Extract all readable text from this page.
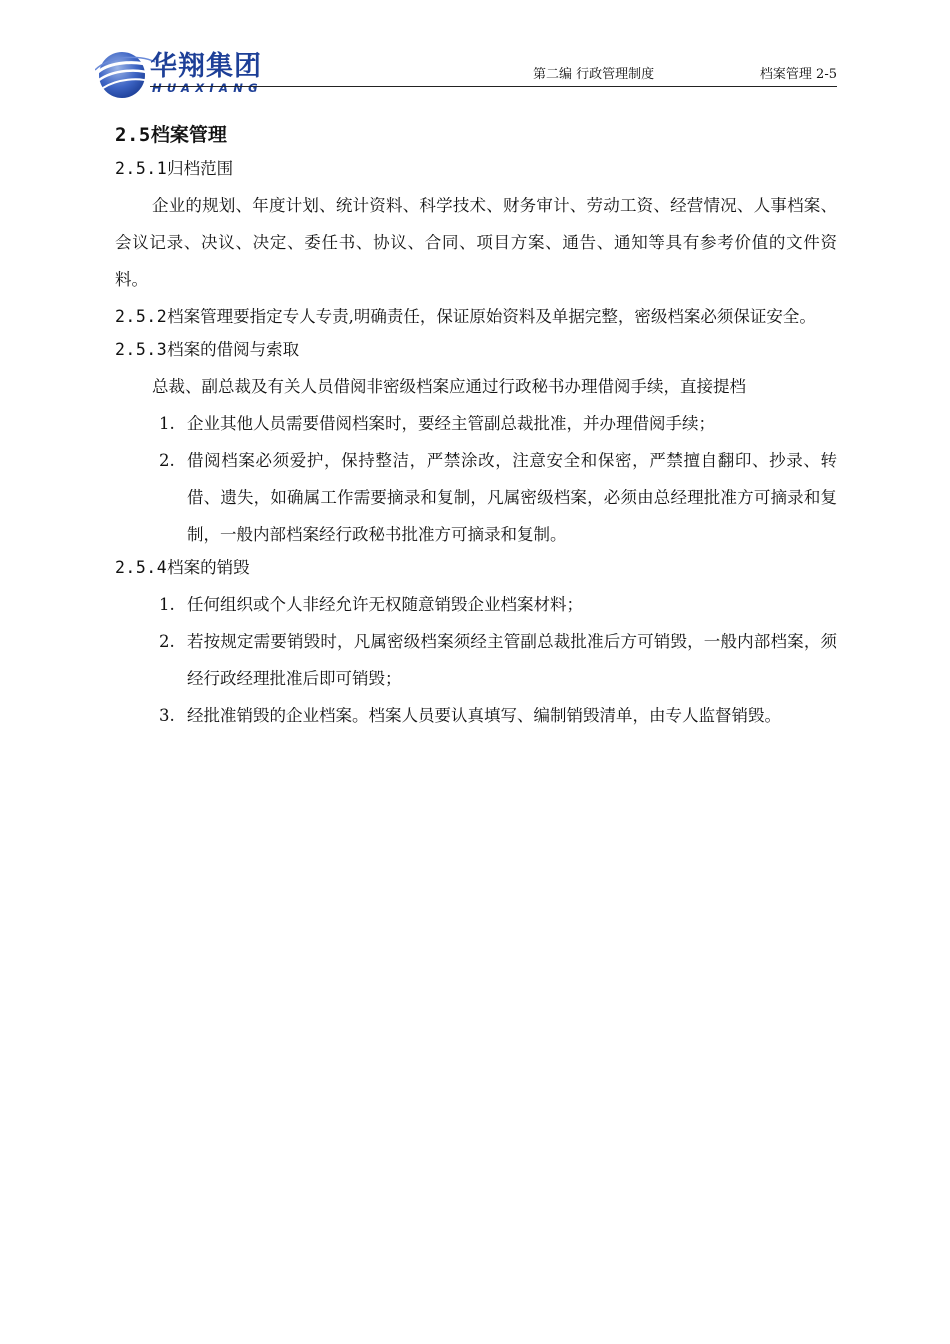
华翔集团
HUAXIANG
第二编 行政管理制度	档案管理 2-5
2.5档案管理
2.5.1归档范围

企业的规划、年度计划、统计资料、科学技术、财务审计、劳动工资、经营情况、人事档案、会议记录、决议、决定、委任书、协议、合同、项目方案、通告、通知等具有参考价值的文件资料。

2.5.2档案管理要指定专人专责,明确责任，保证原始资料及单据完整，密级档案必须保证安全。

2.5.3档案的借阅与索取

总裁、副总裁及有关人员借阅非密级档案应通过行政秘书办理借阅手续，直接提档

1. 企业其他人员需要借阅档案时，要经主管副总裁批准，并办理借阅手续；
2. 借阅档案必须爱护，保持整洁，严禁涂改，注意安全和保密，严禁擅自翻印、抄录、转借、遗失，如确属工作需要摘录和复制，凡属密级档案，必须由总经理批准方可摘录和复制，一般内部档案经行政秘书批准方可摘录和复制。
2.5.4档案的销毁
1. 任何组织或个人非经允许无权随意销毁企业档案材料；
2. 若按规定需要销毁时，凡属密级档案须经主管副总裁批准后方可销毁，一般内部档案，须经行政经理批准后即可销毁；
3. 经批准销毁的企业档案。档案人员要认真填写、编制销毁清单，由专人监督销毁。
